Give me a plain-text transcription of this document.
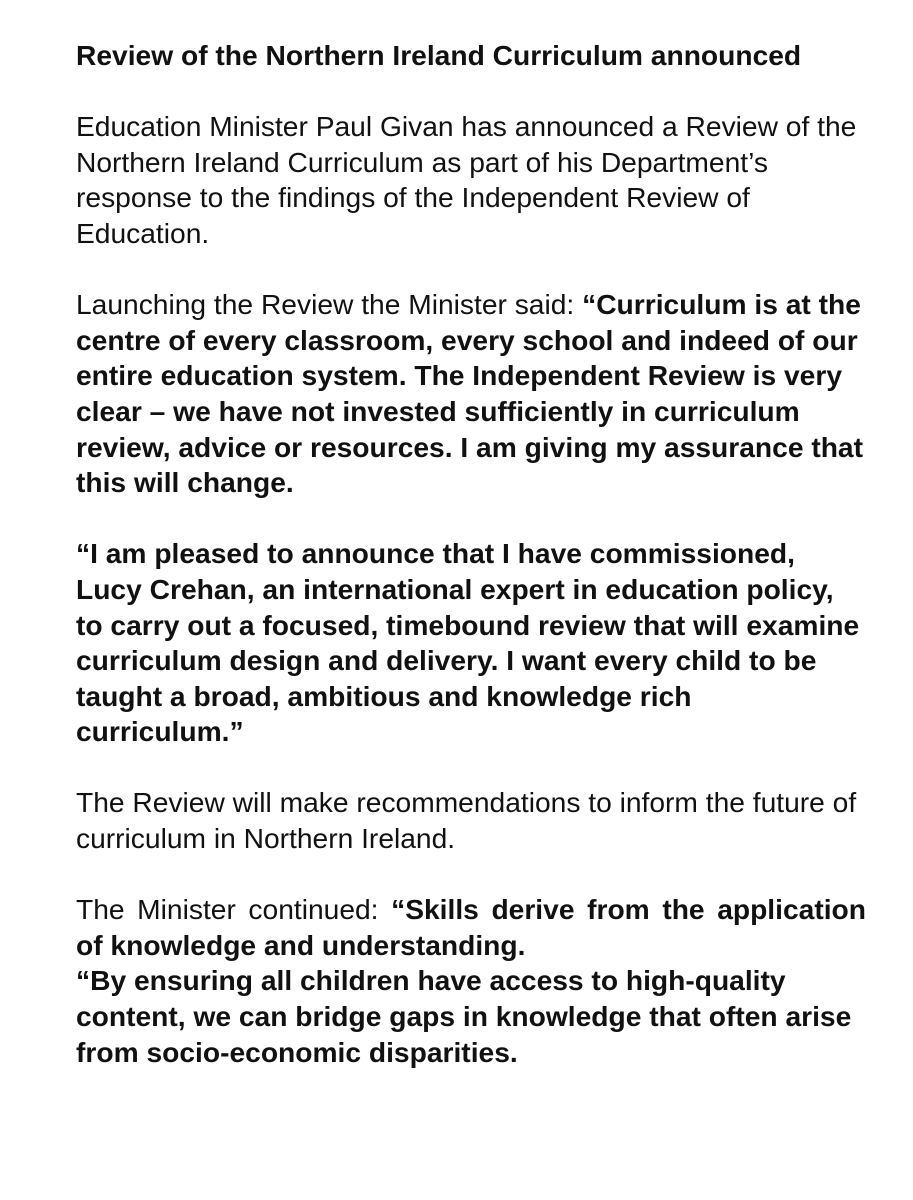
Review of the Northern Ireland Curriculum announced

Education Minister Paul Givan has announced a Review of the Northern Ireland Curriculum as part of his Department’s response to the findings of the Independent Review of Education.

Launching the Review the Minister said: “Curriculum is at the centre of every classroom, every school and indeed of our entire education system. The Independent Review is very clear – we have not invested sufficiently in curriculum review, advice or resources. I am giving my assurance that this will change.

“I am pleased to announce that I have commissioned, Lucy Crehan, an international expert in education policy, to carry out a focused, timebound review that will examine curriculum design and delivery. I want every child to be taught a broad, ambitious and knowledge rich curriculum.”

The Review will make recommendations to inform the future of curriculum in Northern Ireland.

The Minister continued: “Skills derive from the application of knowledge and understanding.

“By ensuring all children have access to high-quality content, we can bridge gaps in knowledge that often arise from socio-economic disparities.
